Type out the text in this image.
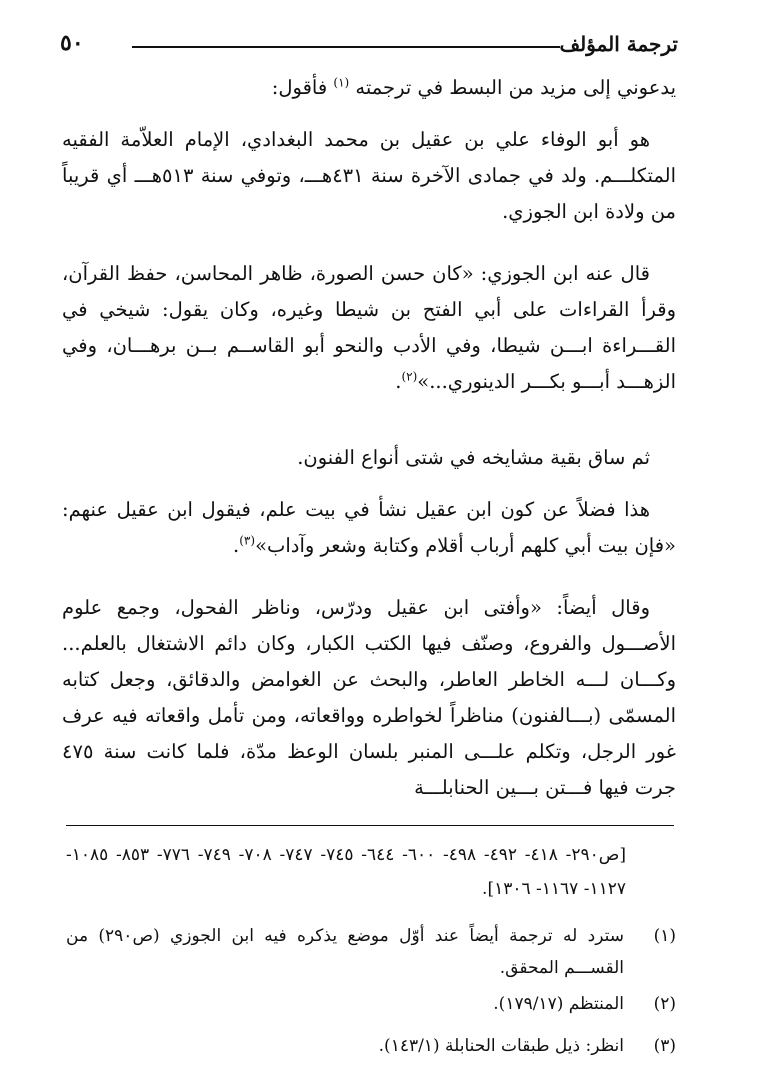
ترجمة المؤلف
٥٠
يدعوني إلى مزيد من البسط في ترجمته $^{(١)}$ فأقول:
هو أبو الوفاء علي بن عقيل بن محمد البغدادي، الإمام العلاّمة الفقيه المتكلـــم. ولد في جمادى الآخرة سنة ٤٣١هـــ، وتوفي سنة ٥١٣هـــ أي قريباً من ولادة ابن الجوزي.
قال عنه ابن الجوزي: «كان حسن الصورة، ظاهر المحاسن، حفظ القرآن، وقرأ القراءات على أبي الفتح بن شيطا وغيره، وكان يقول: شيخي في القـــراءة ابـــن شيطا، وفي الأدب والنحو أبو القاســم بــن برهـــان، وفي الزهـــد أبـــو بكـــر الدينوري...»$^{(٢)}$.
ثم ساق بقية مشايخه في شتى أنواع الفنون.
هذا فضلاً عن كون ابن عقيل نشأ في بيت علم، فيقول ابن عقيل عنهم: «فإن بيت أبي كلهم أرباب أقلام وكتابة وشعر وآداب»$^{(٣)}$.
وقال أيضاً: «وأفتى ابن عقيل ودرّس، وناظر الفحول، وجمع علوم الأصـــول والفروع، وصنّف فيها الكتب الكبار، وكان دائم الاشتغال بالعلم... وكـــان لـــه الخاطر العاطر، والبحث عن الغوامض والدقائق، وجعل كتابه المسمّى (بـــالفنون) مناظراً لخواطره وواقعاته، ومن تأمل واقعاته فيه عرف غور الرجل، وتكلم علـــى المنبر بلسان الوعظ مدّة، فلما كانت سنة ٤٧٥ جرت فيها فـــتن بـــين الحنابلـــة
[ص٢٩٠- ٤١٨- ٤٩٢- ٤٩٨- ٦٠٠- ٦٤٤- ٧٤٥- ٧٤٧- ٧٠٨- ٧٤٩- ٧٧٦- ٨٥٣- ١٠٨٥- ١١٢٧- ١١٦٧- ١٣٠٦].
(١)
سترد له ترجمة أيضاً عند أوّل موضع يذكره فيه ابن الجوزي (ص٢٩٠) من القســـم المحقق.
(٢)
المنتظم (١٧٩/١٧).
(٣)
انظر: ذيل طبقات الحنابلة (١٤٣/١).
